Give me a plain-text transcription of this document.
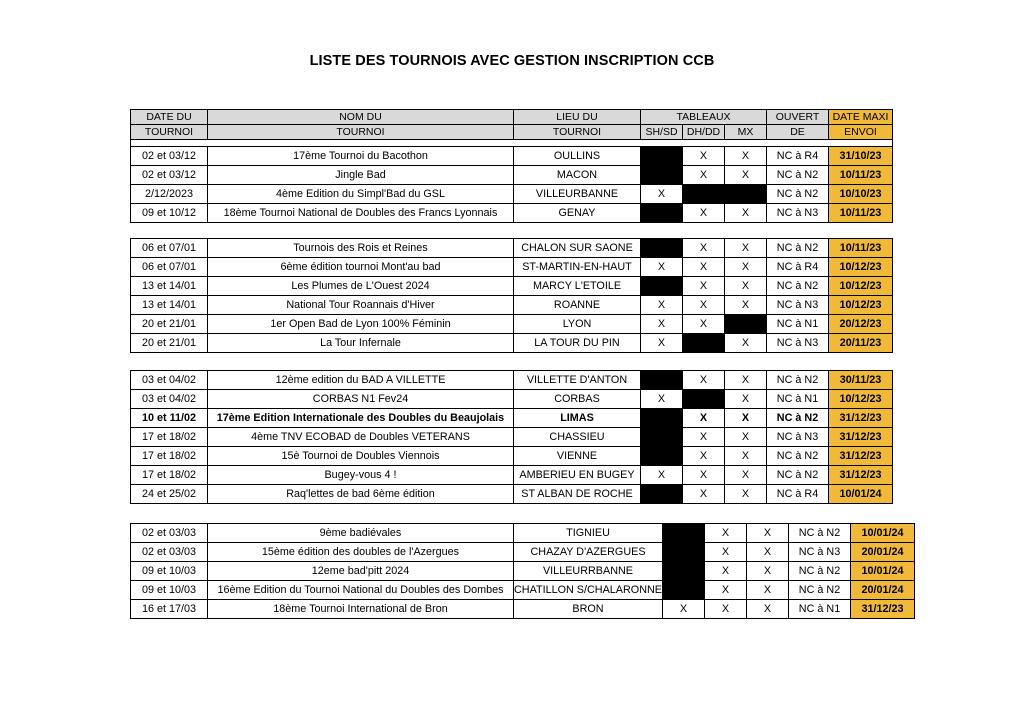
LISTE DES TOURNOIS AVEC GESTION INSCRIPTION CCB
DATE DU	NOM DU	LIEU DU	TABLEAUX			OUVERT	DATE MAXI
TOURNOI	TOURNOI	TOURNOI	SH/SD	DH/DD	MX	DE	ENVOI

02 et 03/12	17ème Tournoi du Bacothon	OULLINS		X	X	NC à R4	31/10/23
02 et 03/12	Jingle Bad	MACON		X	X	NC à N2	10/11/23
2/12/2023	4ème Edition du Simpl'Bad du GSL	VILLEURBANNE	X			NC à N2	10/10/23
09 et 10/12	18ème Tournoi National de Doubles des Francs Lyonnais	GENAY		X	X	NC à N3	10/11/23
06 et 07/01	Tournois des Rois et Reines	CHALON SUR SAONE		X	X	NC à N2	10/11/23
06 et 07/01	6ème édition tournoi Mont'au bad	ST-MARTIN-EN-HAUT	X	X	X	NC à R4	10/12/23
13 et 14/01	Les Plumes de L'Ouest 2024	MARCY L'ETOILE		X	X	NC à N2	10/12/23
13 et 14/01	National Tour Roannais d'Hiver	ROANNE	X	X	X	NC à N3	10/12/23
20 et 21/01	1er Open Bad de Lyon 100% Féminin	LYON	X	X		NC à N1	20/12/23
20 et 21/01	La Tour Infernale	LA TOUR DU PIN	X		X	NC à N3	20/11/23
03 et 04/02	12ème edition du BAD A VILLETTE	VILLETTE D'ANTON		X	X	NC à N2	30/11/23
03 et 04/02	CORBAS N1 Fev24	CORBAS	X		X	NC à N1	10/12/23
10 et 11/02	17ème Edition Internationale des Doubles du Beaujolais	LIMAS		X	X	NC à N2	31/12/23
17 et 18/02	4ème TNV ECOBAD de Doubles VETERANS	CHASSIEU		X	X	NC à N3	31/12/23
17 et 18/02	15è Tournoi de Doubles Viennois	VIENNE		X	X	NC à N2	31/12/23
17 et 18/02	Bugey-vous 4 !	AMBERIEU EN BUGEY	X	X	X	NC à N2	31/12/23
24 et 25/02	Raq'lettes de bad 6ème édition	ST ALBAN DE ROCHE		X	X	NC à R4	10/01/24
02 et 03/03	9ème badiévales	TIGNIEU		X	X	NC à N2	10/01/24
02 et 03/03	15ème édition des doubles de l'Azergues	CHAZAY D'AZERGUES		X	X	NC à N3	20/01/24
09 et 10/03	12eme bad'pitt 2024	VILLEURRBANNE		X	X	NC à N2	10/01/24
09 et 10/03	16ème Edition du Tournoi National du Doubles des Dombes	CHATILLON S/CHALARONNE		X	X	NC à N2	20/01/24
16 et 17/03	18ème Tournoi International de Bron	BRON	X	X	X	NC à N1	31/12/23
